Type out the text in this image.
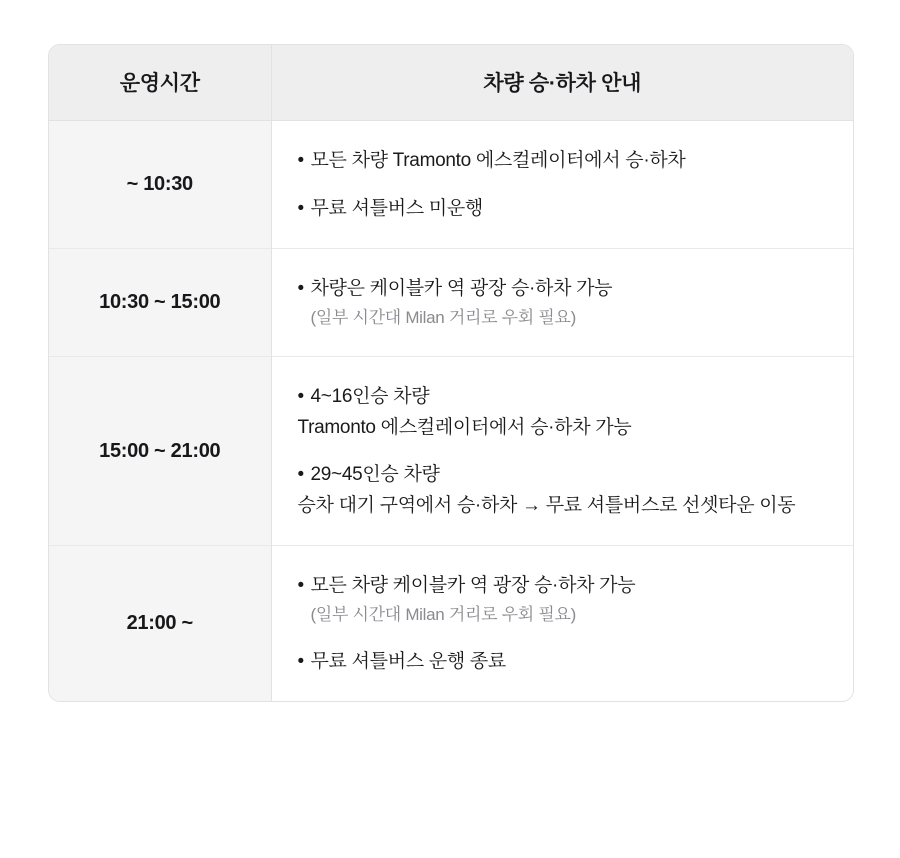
운영시간	차량 승·하차 안내
~ 10:30	• 모든 차량 Tramonto 에스컬레이터에서 승·하차
• 무료 셔틀버스 미운행

10:30 ~ 15:00	• 차량은 케이블카 역 광장 승·하차 가능
(일부 시간대 Milan 거리로 우회 필요)

15:00 ~ 21:00	
• 4~16인승 차량
Tramonto 에스컬레이터에서 승·하차 가능
• 29~45인승 차량
승차 대기 구역에서 승·하차 → 무료 셔틀버스로 선셋타운 이동

21:00 ~	• 모든 차량 케이블카 역 광장 승·하차 가능
(일부 시간대 Milan 거리로 우회 필요)
• 무료 셔틀버스 운행 종료
